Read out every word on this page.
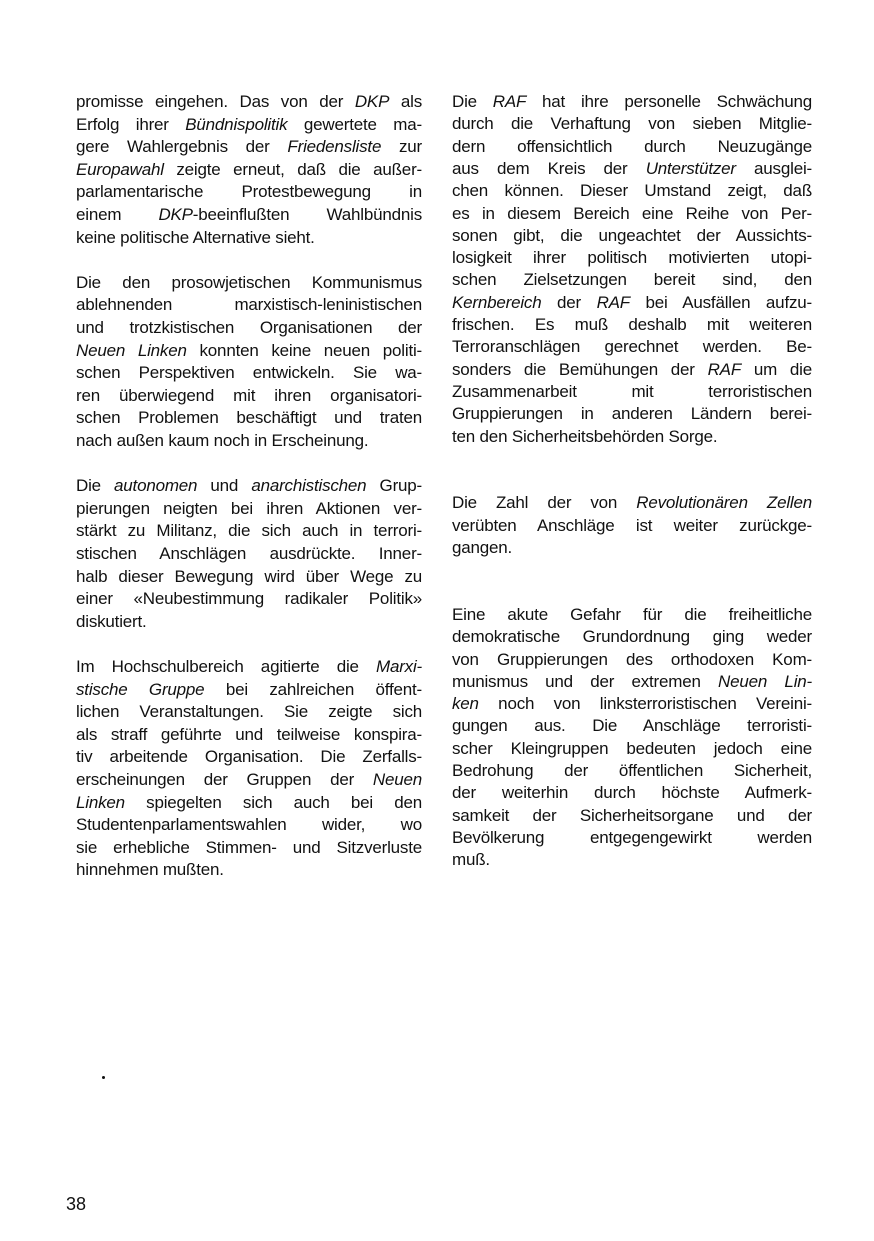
promisse eingehen. Das von der DKP als
Erfolg ihrer Bündnispolitik gewertete ma-
gere Wahlergebnis der Friedensliste zur
Europawahl zeigte erneut, daß die außer-
parlamentarische Protestbewegung in
einem DKP-beeinflußten Wahlbündnis
keine politische Alternative sieht.
Die den prosowjetischen Kommunismus
ablehnenden marxistisch-leninistischen
und trotzkistischen Organisationen der
Neuen Linken konnten keine neuen politi-
schen Perspektiven entwickeln. Sie wa-
ren überwiegend mit ihren organisatori-
schen Problemen beschäftigt und traten
nach außen kaum noch in Erscheinung.
Die autonomen und anarchistischen Grup-
pierungen neigten bei ihren Aktionen ver-
stärkt zu Militanz, die sich auch in terrori-
stischen Anschlägen ausdrückte. Inner-
halb dieser Bewegung wird über Wege zu
einer «Neubestimmung radikaler Politik»
diskutiert.
Im Hochschulbereich agitierte die Marxi-
stische Gruppe bei zahlreichen öffent-
lichen Veranstaltungen. Sie zeigte sich
als straff geführte und teilweise konspira-
tiv arbeitende Organisation. Die Zerfalls-
erscheinungen der Gruppen der Neuen
Linken spiegelten sich auch bei den
Studentenparlamentswahlen wider, wo
sie erhebliche Stimmen- und Sitzverluste
hinnehmen mußten.
Die RAF hat ihre personelle Schwächung
durch die Verhaftung von sieben Mitglie-
dern offensichtlich durch Neuzugänge
aus dem Kreis der Unterstützer ausglei-
chen können. Dieser Umstand zeigt, daß
es in diesem Bereich eine Reihe von Per-
sonen gibt, die ungeachtet der Aussichts-
losigkeit ihrer politisch motivierten utopi-
schen Zielsetzungen bereit sind, den
Kernbereich der RAF bei Ausfällen aufzu-
frischen. Es muß deshalb mit weiteren
Terroranschlägen gerechnet werden. Be-
sonders die Bemühungen der RAF um die
Zusammenarbeit mit terroristischen
Gruppierungen in anderen Ländern berei-
ten den Sicherheitsbehörden Sorge.
Die Zahl der von Revolutionären Zellen
verübten Anschläge ist weiter zurückge-
gangen.
Eine akute Gefahr für die freiheitliche
demokratische Grundordnung ging weder
von Gruppierungen des orthodoxen Kom-
munismus und der extremen Neuen Lin-
ken noch von linksterroristischen Vereini-
gungen aus. Die Anschläge terroristi-
scher Kleingruppen bedeuten jedoch eine
Bedrohung der öffentlichen Sicherheit,
der weiterhin durch höchste Aufmerk-
samkeit der Sicherheitsorgane und der
Bevölkerung entgegengewirkt werden
muß.
38
